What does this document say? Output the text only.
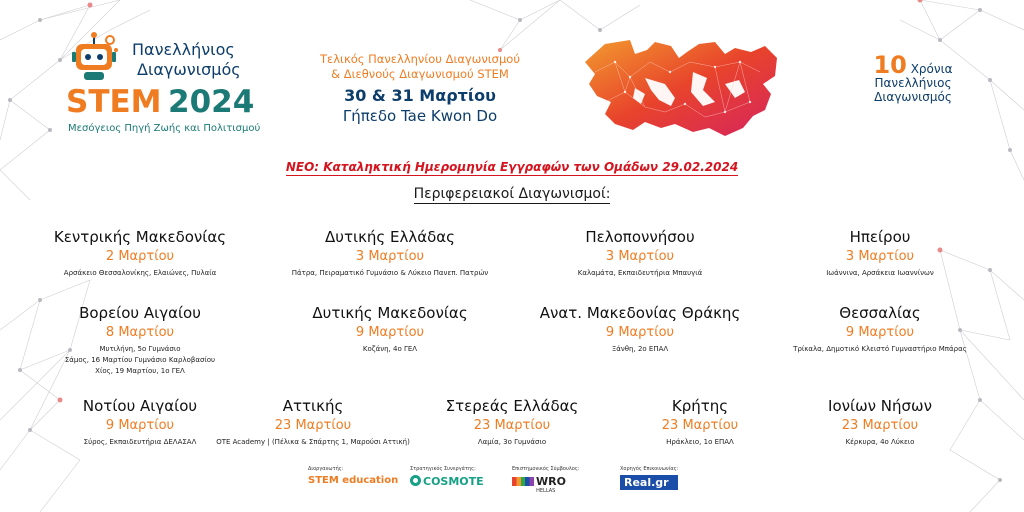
Πανελλήνιος
Διαγωνισμός
STEM 2024
Μεσόγειος Πηγή Ζωής και Πολιτισμού
Τελικός Πανελληνίου Διαγωνισμού
& Διεθνούς Διαγωνισμού STEM
30 & 31 Μαρτίου
Γήπεδο Tae Kwon Do
10 Χρόνια
Πανελλήνιος
Διαγωνισμός
ΝΕΟ: Καταληκτική Ημερομηνία Εγγραφών των Ομάδων 29.02.2024
Περιφερειακοί Διαγωνισμοί:
Κεντρικής Μακεδονίας
2 Μαρτίου
Αρσάκειο Θεσσαλονίκης, Ελαιώνες, Πυλαία
Δυτικής Ελλάδας
3 Μαρτίου
Πάτρα, Πειραματικό Γυμνάσιο & Λύκειο Πανεπ. Πατρών
Πελοποννήσου
3 Μαρτίου
Καλαμάτα, Εκπαιδευτήρια Μπαυγιά
Ηπείρου
3 Μαρτίου
Ιωάννινα, Αρσάκεια Ιωαννίνων
Βορείου Αιγαίου
8 Μαρτίου
Μυτιλήνη, 5ο Γυμνάσιο
Σάμος, 16 Μαρτίου Γυμνάσιο Καρλοβασίου
Χίος, 19 Μαρτίου, 1ο ΓΕΛ
Δυτικής Μακεδονίας
9 Μαρτίου
Κοζάνη, 4ο ΓΕΛ
Ανατ. Μακεδονίας Θράκης
9 Μαρτίου
Ξάνθη, 2ο ΕΠΑΛ
Θεσσαλίας
9 Μαρτίου
Τρίκαλα, Δημοτικό Κλειστό Γυμναστήριο Μπάρας
Νοτίου Αιγαίου
9 Μαρτίου
Σύρος, Εκπαιδευτήρια ΔΕΛΑΣΑΛ
Αττικής
23 Μαρτίου
OTE Academy | (Πέλικα & Σπάρτης 1, Μαρούσι Αττική)
Στερεάς Ελλάδας
23 Μαρτίου
Λαμία, 3ο Γυμνάσιο
Κρήτης
23 Μαρτίου
Ηράκλειο, 1ο ΕΠΑΛ
Ιονίων Νήσων
23 Μαρτίου
Κέρκυρα, 4ο Λύκειο
Διοργανωτής:
STEM education
Στρατηγικός Συνεργάτης:
COSMOTE
Επιστημονικός Σύμβουλος:
WRO
HELLAS
Χορηγός Επικοινωνίας:
Real.gr
